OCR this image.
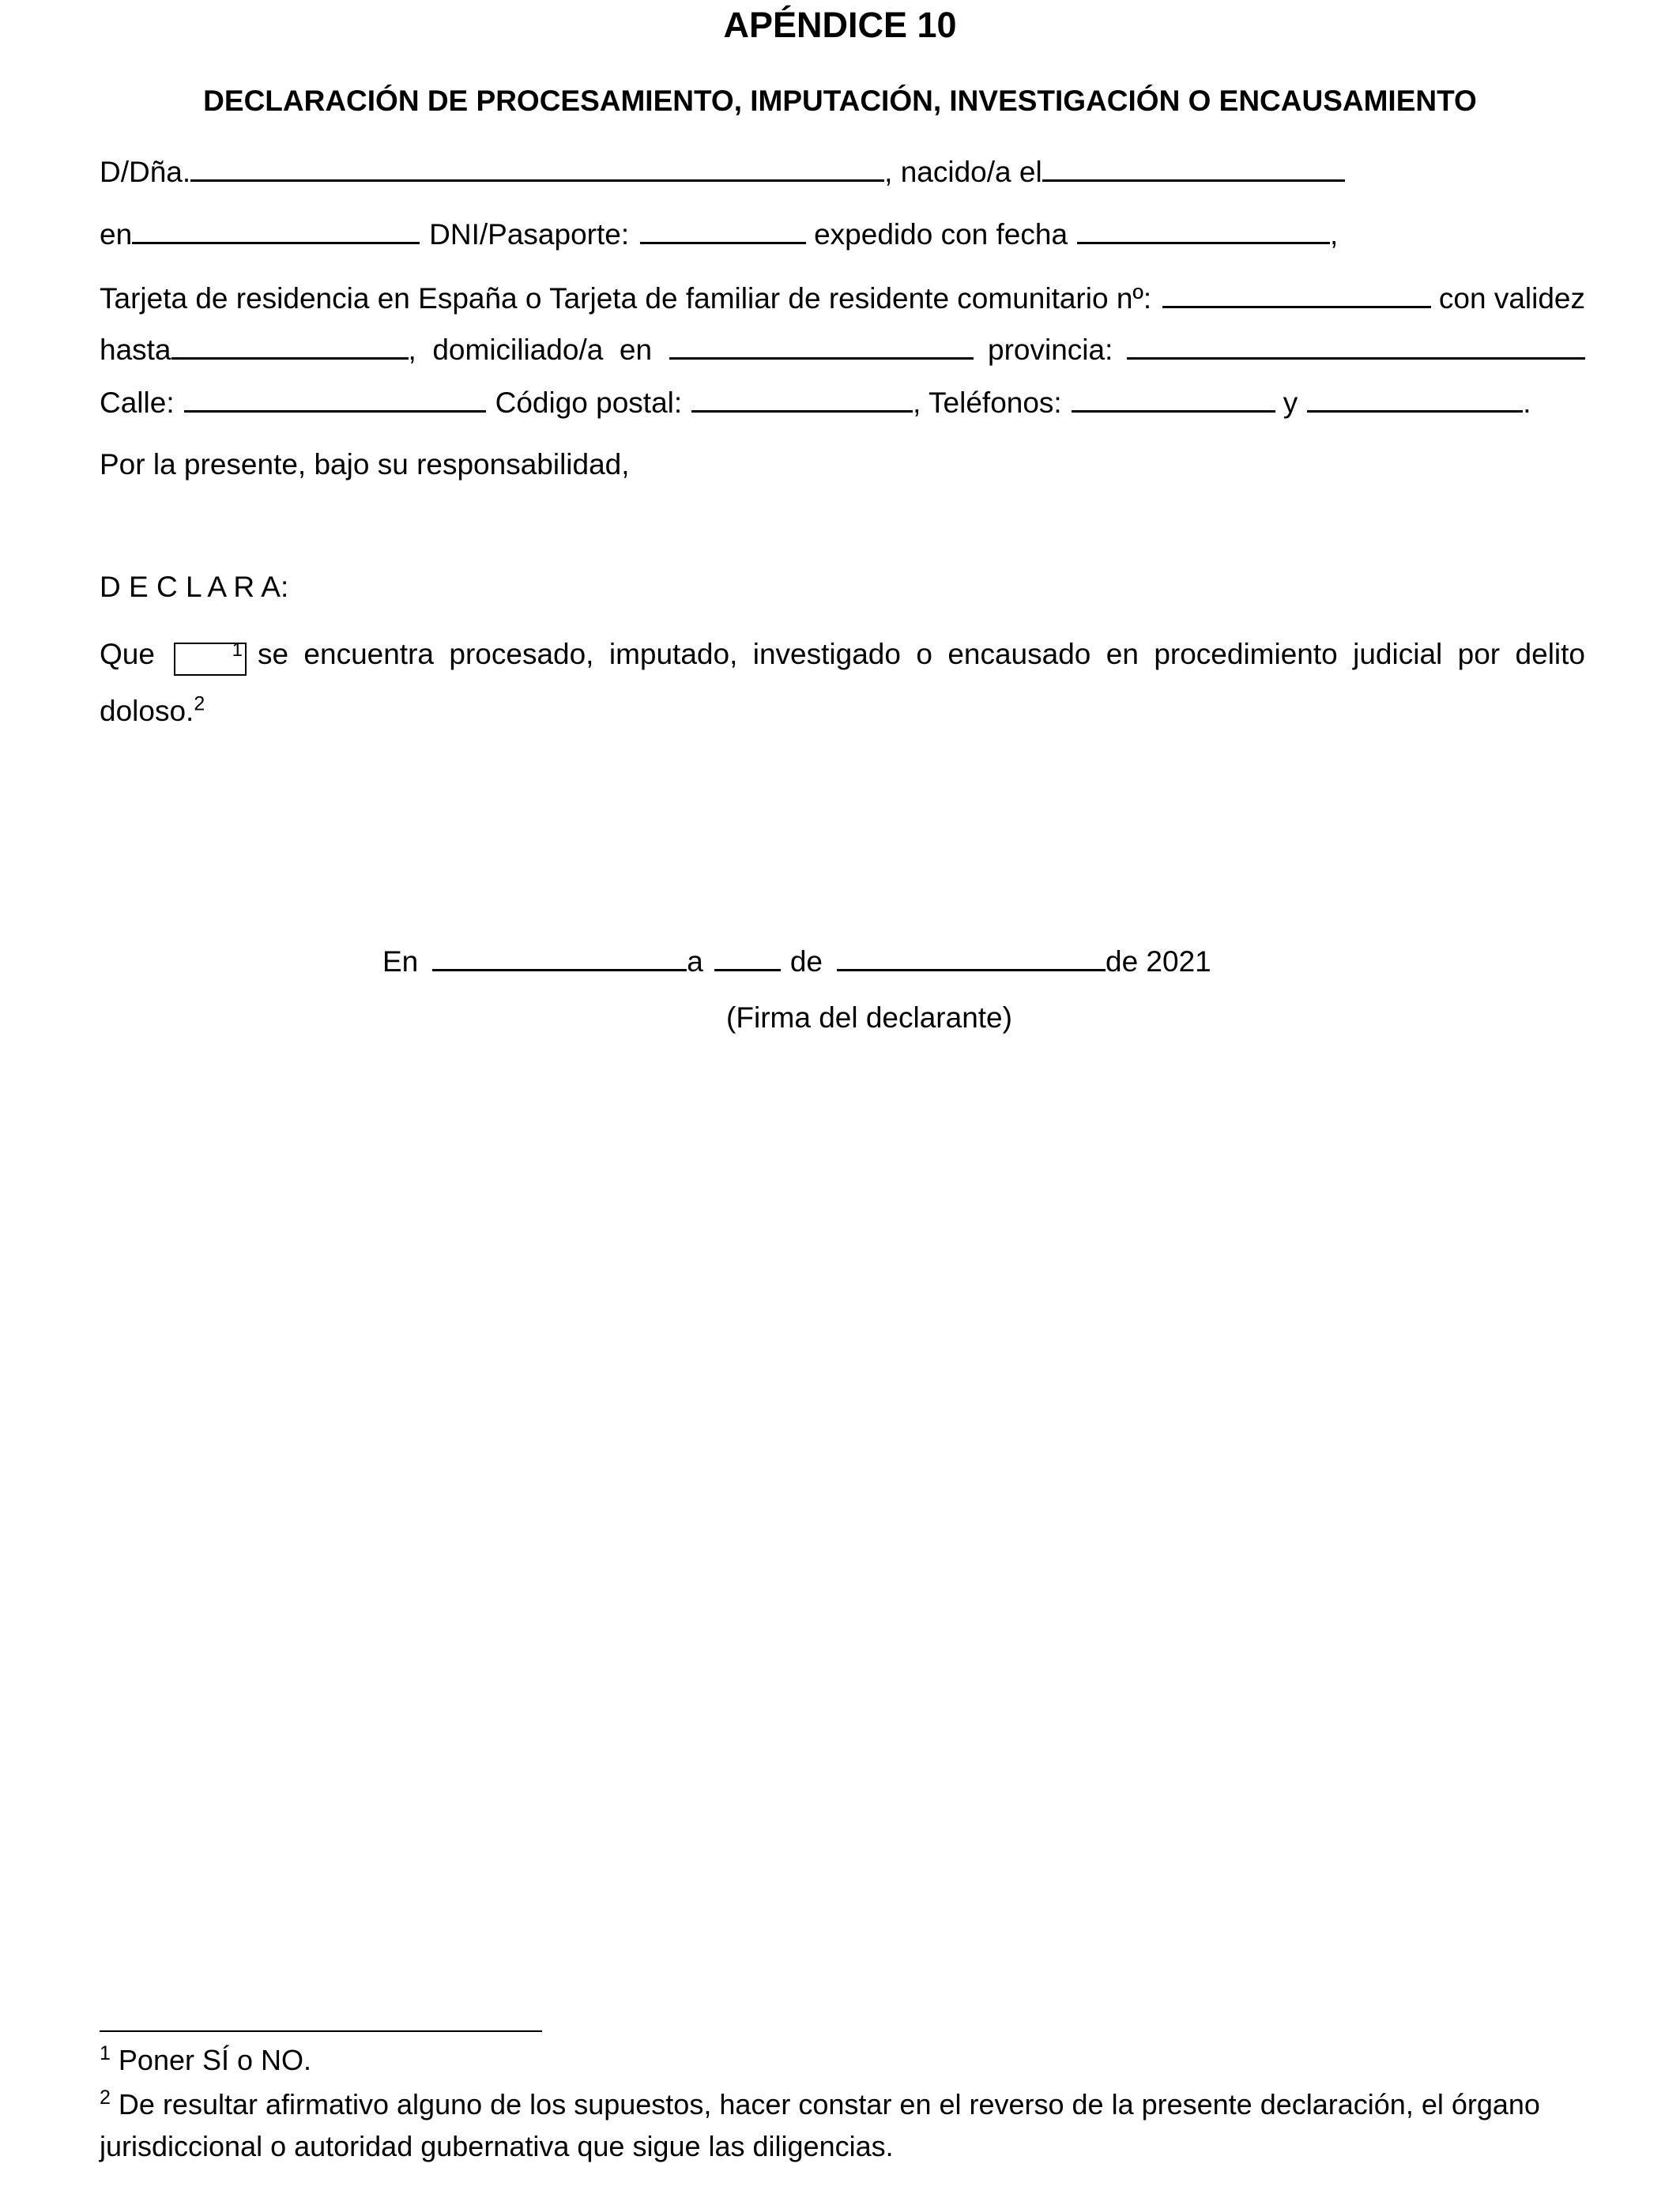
APÉNDICE 10
DECLARACIÓN DE PROCESAMIENTO, IMPUTACIÓN, INVESTIGACIÓN O ENCAUSAMIENTO
D/Dña.	, nacido/a el
en	DNI/Pasaporte:	expedido con fecha	,
Tarjeta de residencia en España o Tarjeta de familiar de residente comunitario nº:	con validez
hasta	,  domiciliado/a  en	provincia:
Calle:	Código postal:	, Teléfonos:	y	.
Por la presente, bajo su responsabilidad,
D E C L A R A:
Que	1 se encuentra procesado, imputado, investigado o encausado en procedimiento judicial por delito doloso.$^2$
En	a	de	de 2021
(Firma del declarante)
$^1$ Poner SÍ o NO.
$^2$ De resultar afirmativo alguno de los supuestos, hacer constar en el reverso de la presente declaración, el órgano jurisdiccional o autoridad gubernativa que sigue las diligencias.
